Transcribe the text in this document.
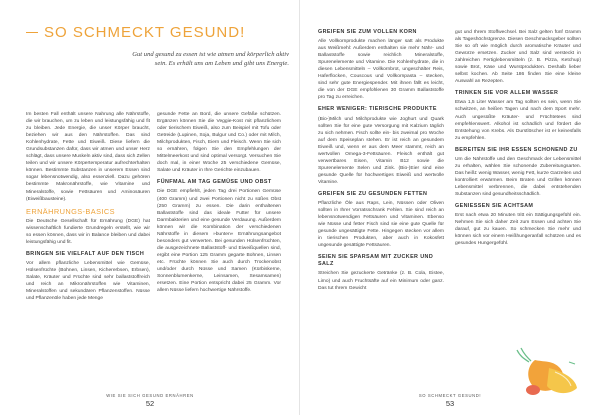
SO SCHMECKT GESUND!
Gut und gesund zu essen ist wie atmen und körperlich aktiv sein. Es erhält uns am Leben und gibt uns Energie.

Im besten Fall enthält unsere Nahrung alle Nährstoffe, die wir brauchen, um zu leben und leistungsfähig und fit zu bleiben. Jede Energie, die unser Körper braucht, beziehen wir aus den Nährstoffen. Das sind Kohlenhydrate, Fette und Eiweiß. Diese liefern die Grundsubstanzen dafür, dass wir atmen und unser Herz schlägt, dass unsere Muskeln aktiv sind, dass sich Zellen teilen und wir unsere Körpertemperatur aufrechterhalten können. Bestimmte Substanzen in unserem Essen sind sogar lebensnotwendig, also essenziell. Dazu gehören bestimmte Makronährstoffe, wie Vitamine und Mineralstoffe, sowie Fettsäuren und Aminosäuren (Eiweißbausteine).

ERNÄHRUNGS-BASICS

Die Deutsche Gesellschaft für Ernährung (DGE) hat wissenschaftlich fundierte Grundregeln erstellt, wie wir so essen können, dass wir in Balance bleiben und dabei leistungsfähig und fit.

BRINGEN SIE VIELFALT AUF DEN TISCH

Vor allem pflanzliche Lebensmittel wie Gemüse, Hülsenfrüchte (Bohnen, Linsen, Kichererbsen, Erbsen), Salate, Kräuter und Früchte sind sehr ballaststoffreich und reich an Mikronährstoffen wie Vitaminen, Mineralstoffen und sekundären Pflanzenstoffen. Nüsse und Pflanzenöle haben jede Menge

gesunde Fette an Bord, die unsere Gefäße schützen. Ergänzen können Sie die Veggie-Kost mit pflanzlichem oder tierischem Eiweiß, also zum Beispiel mit Tofu oder Getreide (Lupinen, Soja, Bulgur und Co.) oder mit Milch, Milchprodukten, Fisch, Eiern und Fleisch. Wenn Sie sich so ernähren, folgen Sie den Empfehlungen der Mittelmeerkost und sind optimal versorgt. Versuchen Sie doch mal, in einer Woche 25 verschiedene Gemüse, Salate und Kräuter in Ihre Gerichte einzubauen.

FÜNFMAL AM TAG GEMÜSE UND OBST

Die DGE empfiehlt, jeden Tag drei Portionen Gemüse (400 Gramm) und zwei Portionen nicht zu süßes Obst (250 Gramm) zu essen. Die darin enthaltenen Ballaststoffe sind das ideale Futter für unsere Darmbakterien und eine gesunde Verdauung. Außerdem können wir die Kombination der verschiedenen Nährstoffe in diesem »bunten« Ernährungsangebot besonders gut verwerten. Bei gesunden Hülsenfrüchten, die ausgezeichnete Ballaststoff- und Eiweißquellen sind, ergibt eine Portion 125 Gramm gegarte Bohnen, Linsen etc. Früchte können Sie auch durch Trockenobst und/oder durch Nüsse und Samen (Kürbiskerne, Sonnenblumenkerne, Leinsamen, Sesamsamen) ersetzen. Eine Portion entspricht dabei 25 Gramm. Vor allem Nüsse liefern hochwertige Nährstoffe.

GREIFEN SIE ZUM VOLLEN KORN

Alle Vollkornprodukte machen länger satt als Produkte aus Weißmehl: Außerdem enthalten sie mehr Nähr- und Ballaststoffe sowie reichlich Mineralstoffe, Spurenelemente und Vitamine. Die Kohlenhydrate, die in diesen Lebensmitteln – Vollkornbrot, ungeschälter Reis, Haferflocken, Couscous und Vollkornpasta – stecken, sind sehr gute Energiespender. Mit ihnen fällt es leicht, die von der DGE empfohlenen 30 Gramm Ballaststoffe pro Tag zu erreichen.

EHER WENIGER: TIERISCHE PRODUKTE

(Bio-)Milch und Milchprodukte wie Joghurt und Quark sollten Sie für eine gute Versorgung mit Kalzium täglich zu sich nehmen. Fisch sollte ein- bis zweimal pro Woche auf dem Speiseplan stehen. Er ist reich an gesundem Eiweiß und, wenn er aus dem Meer stammt, reich an wertvollen Omega-3-Fettsäuren. Fleisch enthält gut verwertbares Eisen, Vitamin B12 sowie die Spurenelemente Selen und Zink. (Bio-)Eier sind eine gesunde Quelle für hochwertiges Eiweiß und wertvolle Vitamine.

GREIFEN SIE ZU GESUNDEN FETTEN

Pflanzliche Öle aus Raps, Lein, Nüssen oder Oliven sollten in Ihrer Vorratsschrank Fehlen. Sie sind reich an lebensnotwendigen Fettsäuren und Vitaminen. Ebenso wie Nüsse und fetter Fisch sind sie eine gute Quelle für gesunde ungesättigte Fette. Hingegen stecken vor allem in tierischen Produkten, aber auch in Kokosfett ungesunde gesättigte Fettsäuren.

SEIEN SIE SPARSAM MIT ZUCKER UND SALZ

Streichen Sie gezuckerte Getränke (z. B. Cola, Eistee, Limo) und auch Fruchtsäfte auf ein Minimum oder ganz. Das tut Ihrem Gewicht

gut und Ihrem Stoffwechsel. Bei Salz gelten fünf Gramm als Tageshöchstgrenze. Diesen Geschmacksgeber sollten Sie so oft wie möglich durch aromatische Kräuter und Gewürze ersetzen. Zucker und Salz sind versteckt in zahlreichen Fertiglebensmitteln (z. B. Pizza, Ketchup) sowie Brot, Käse und Wurstprodukten. Deshalb lieber selbst kochen. Ab Seite 186 finden Sie eine kleine Auswahl an Rezepten.

TRINKEN SIE VOR ALLEM WASSER

Etwa 1,5 Liter Wasser am Tag sollten es sein, wenn Sie schwitzen, an heißen Tagen und nach dem Sport mehr. Auch ungesüßte Kräuter- und Früchtetees sind empfehlenswert. Alkohol ist schädlich und fördert die Entstehung von Krebs. Als Durstlöscher ist er keinesfalls zu empfehlen.

BEREITEN SIE IHR ESSEN SCHONEND ZU

Um die Nährstoffe und den Geschmack der Lebensmittel zu erhalten, wählen Sie schonende Zubereitungsarten. Das heißt: wenig Wasser, wenig Fett, kurze Garzeiten und kontrolliert erwärmen. Beim Braten und Grillen können Lebensmittel verbrennen, die dabei entstehenden Substanzen sind gesundheitsschädlich.

GENIESSEN SIE ACHTSAM

Erst nach etwa 20 Minuten tritt ein Sättigungsgefühl ein. Nehmen Sie sich daher Zeit zum Essen und achten Sie darauf, gut zu kauen. So schmecken Sie mehr und können sich vor einem Heißhungeranfall schützen und es gesundes Hungergefühl.

WIE SIE SICH GESUND ERNÄHREN
52
SO SCHMECKT GESUND!
53
